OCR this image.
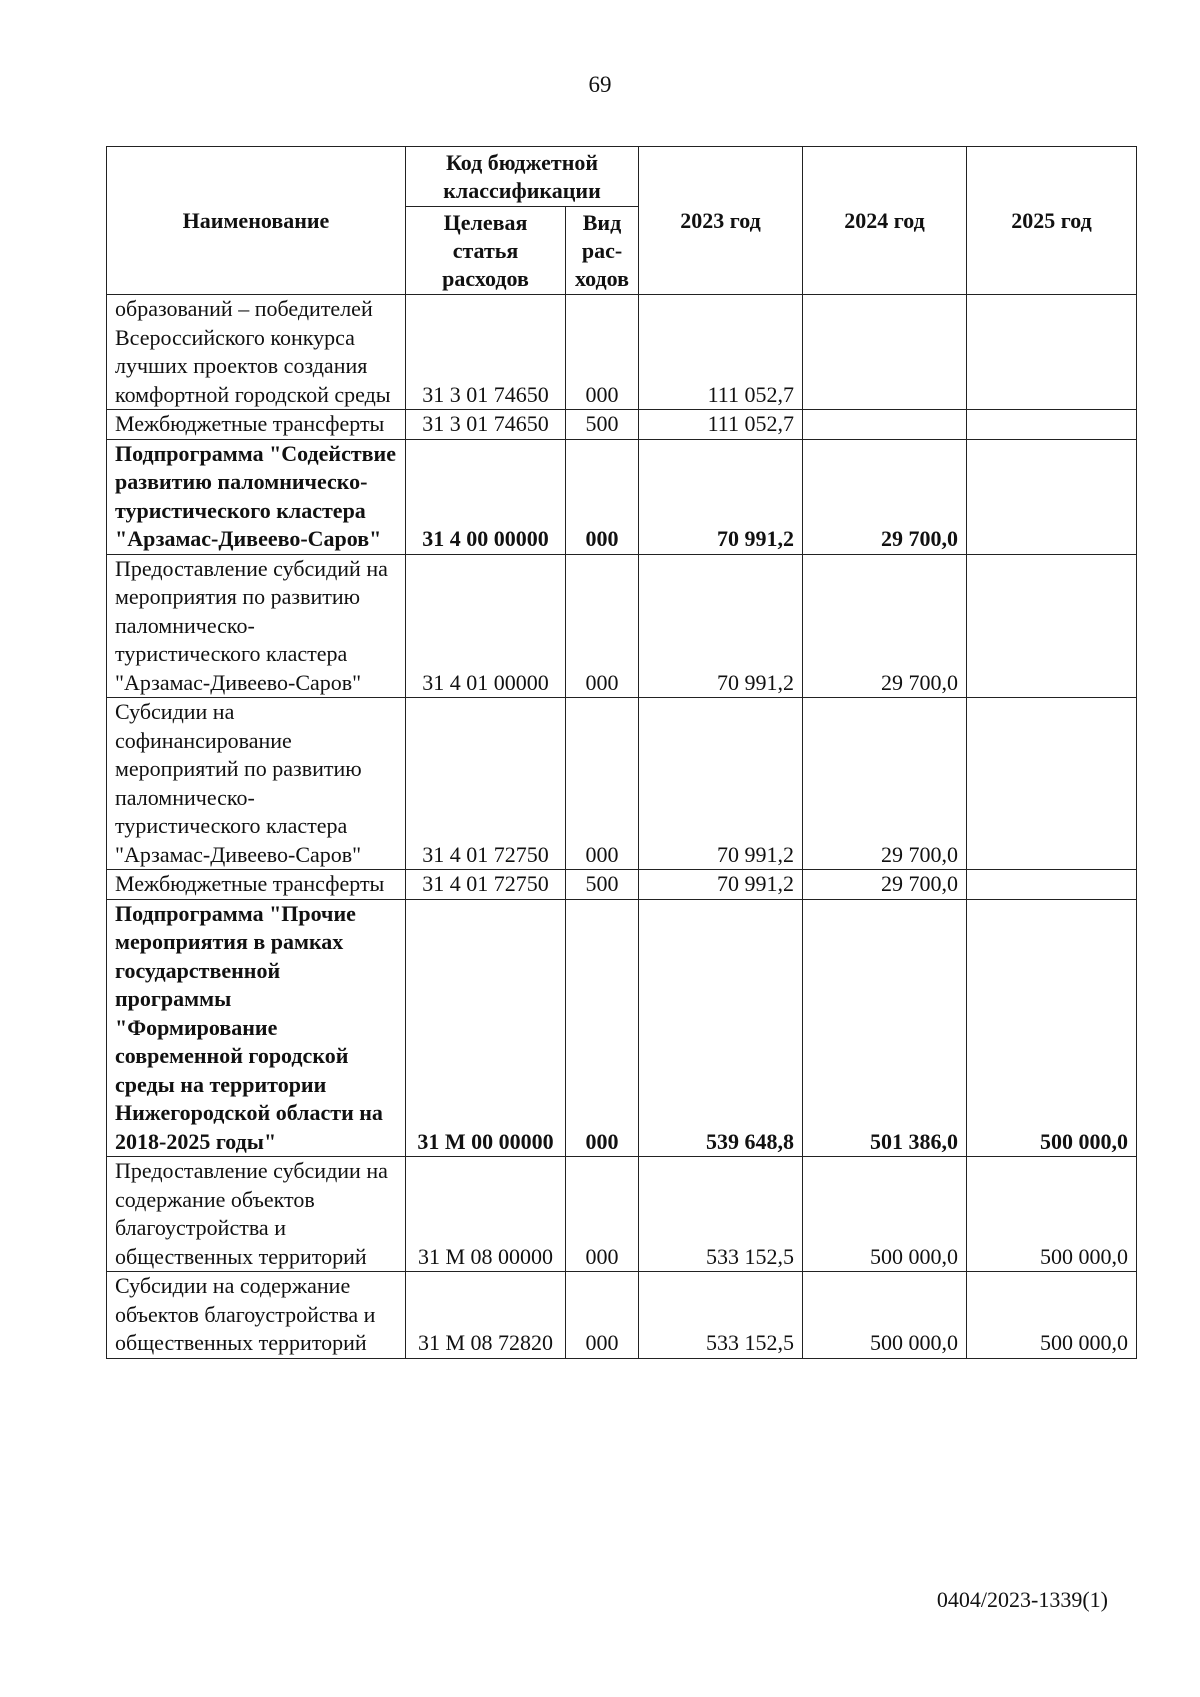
69
Наименование	Код бюджетной классификации		2023 год	2024 год	2025 год
	Целевая статья расходов	Вид рас- ходов			
образований – победителей Всероссийского конкурса лучших проектов создания комфортной городской среды	31 3 01 74650	000	111 052,7		
Межбюджетные трансферты	31 3 01 74650	500	111 052,7		
Подпрограмма "Содействие развитию паломническо-туристического кластера "Арзамас-Дивеево-Саров"	31 4 00 00000	000	70 991,2	29 700,0	
Предоставление субсидий на мероприятия по развитию паломническо-туристического кластера "Арзамас-Дивеево-Саров"	31 4 01 00000	000	70 991,2	29 700,0	
Субсидии на софинансирование мероприятий по развитию паломническо-туристического кластера "Арзамас-Дивеево-Саров"	31 4 01 72750	000	70 991,2	29 700,0	
Межбюджетные трансферты	31 4 01 72750	500	70 991,2	29 700,0	
Подпрограмма "Прочие мероприятия в рамках государственной программы "Формирование современной городской среды на территории Нижегородской области на 2018-2025 годы"	31 М 00 00000	000	539 648,8	501 386,0	500 000,0
Предоставление субсидии на содержание объектов благоустройства и общественных территорий	31 М 08 00000	000	533 152,5	500 000,0	500 000,0
Субсидии на содержание объектов благоустройства и общественных территорий	31 М 08 72820	000	533 152,5	500 000,0	500 000,0
0404/2023-1339(1)
